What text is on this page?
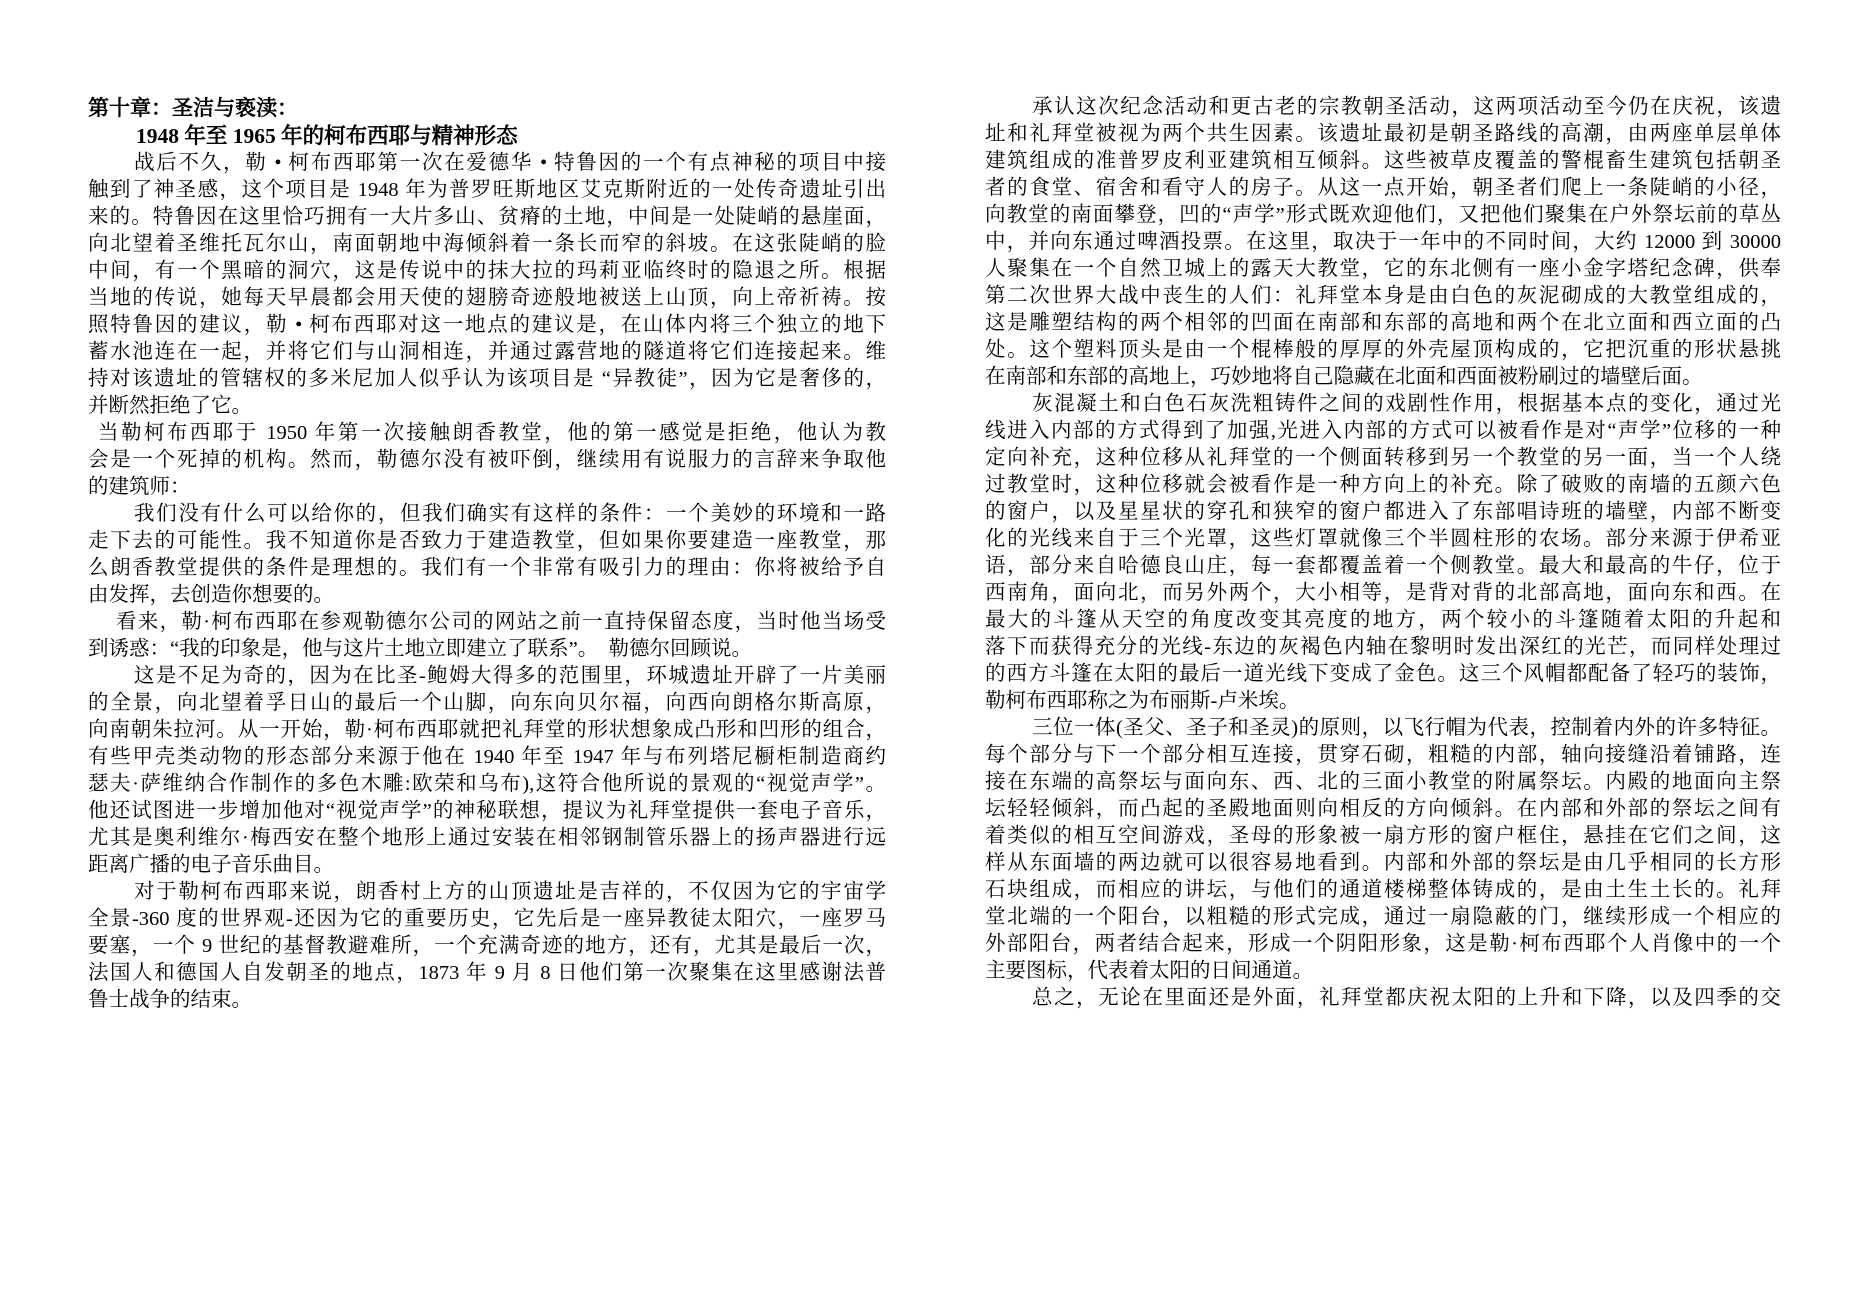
第十章：圣洁与亵渎：
1948 年至 1965 年的柯布西耶与精神形态
战后不久，勒 • 柯布西耶第一次在爱德华 • 特鲁因的一个有点神秘的项目中接
触到了神圣感，这个项目是 1948 年为普罗旺斯地区艾克斯附近的一处传奇遗址引出
来的。特鲁因在这里恰巧拥有一大片多山、贫瘠的土地，中间是一处陡峭的悬崖面，
向北望着圣维托瓦尔山，南面朝地中海倾斜着一条长而窄的斜坡。在这张陡峭的脸
中间，有一个黑暗的洞穴，这是传说中的抹大拉的玛莉亚临终时的隐退之所。根据
当地的传说，她每天早晨都会用天使的翅膀奇迹般地被送上山顶，向上帝祈祷。按
照特鲁因的建议，勒 • 柯布西耶对这一地点的建议是，在山体内将三个独立的地下
蓄水池连在一起，并将它们与山洞相连，并通过露营地的隧道将它们连接起来。维
持对该遗址的管辖权的多米尼加人似乎认为该项目是 “异教徒”，因为它是奢侈的，
并断然拒绝了它。
当勒柯布西耶于 1950 年第一次接触朗香教堂，他的第一感觉是拒绝，他认为教
会是一个死掉的机构。然而，勒德尔没有被吓倒，继续用有说服力的言辞来争取他
的建筑师：
我们没有什么可以给你的，但我们确实有这样的条件：一个美妙的环境和一路
走下去的可能性。我不知道你是否致力于建造教堂，但如果你要建造一座教堂，那
么朗香教堂提供的条件是理想的。我们有一个非常有吸引力的理由：你将被给予自
由发挥，去创造你想要的。
看来，勒·柯布西耶在参观勒德尔公司的网站之前一直持保留态度，当时他当场受
到诱惑：“我的印象是，他与这片土地立即建立了联系”。  勒德尔回顾说。
这是不足为奇的，因为在比圣-鲍姆大得多的范围里，环城遗址开辟了一片美丽
的全景，向北望着孚日山的最后一个山脚，向东向贝尔福，向西向朗格尔斯高原，
向南朝朱拉河。从一开始，勒·柯布西耶就把礼拜堂的形状想象成凸形和凹形的组合，
有些甲壳类动物的形态部分来源于他在 1940 年至 1947 年与布列塔尼橱柜制造商约
瑟夫·萨维纳合作制作的多色木雕:欧荣和乌布),这符合他所说的景观的“视觉声学”。
他还试图进一步增加他对“视觉声学”的神秘联想，提议为礼拜堂提供一套电子音乐，
尤其是奥利维尔·梅西安在整个地形上通过安装在相邻钢制管乐器上的扬声器进行远
距离广播的电子音乐曲目。
对于勒柯布西耶来说，朗香村上方的山顶遗址是吉祥的，不仅因为它的宇宙学
全景-360 度的世界观-还因为它的重要历史，它先后是一座异教徒太阳穴，一座罗马
要塞，一个 9 世纪的基督教避难所，一个充满奇迹的地方，还有，尤其是最后一次，
法国人和德国人自发朝圣的地点，1873 年 9 月 8 日他们第一次聚集在这里感谢法普
鲁士战争的结束。
承认这次纪念活动和更古老的宗教朝圣活动，这两项活动至今仍在庆祝，该遗
址和礼拜堂被视为两个共生因素。该遗址最初是朝圣路线的高潮，由两座单层单体
建筑组成的准普罗皮利亚建筑相互倾斜。这些被草皮覆盖的警棍畜生建筑包括朝圣
者的食堂、宿舍和看守人的房子。从这一点开始，朝圣者们爬上一条陡峭的小径，
向教堂的南面攀登，凹的“声学”形式既欢迎他们，又把他们聚集在户外祭坛前的草丛
中，并向东通过啤酒投票。在这里，取决于一年中的不同时间，大约 12000 到 30000
人聚集在一个自然卫城上的露天大教堂，它的东北侧有一座小金字塔纪念碑，供奉
第二次世界大战中丧生的人们：礼拜堂本身是由白色的灰泥砌成的大教堂组成的，
这是雕塑结构的两个相邻的凹面在南部和东部的高地和两个在北立面和西立面的凸
处。这个塑料顶头是由一个棍棒般的厚厚的外壳屋顶构成的，它把沉重的形状悬挑
在南部和东部的高地上，巧妙地将自己隐藏在北面和西面被粉刷过的墙壁后面。
灰混凝土和白色石灰洗粗铸件之间的戏剧性作用，根据基本点的变化，通过光
线进入内部的方式得到了加强,光进入内部的方式可以被看作是对“声学”位移的一种
定向补充，这种位移从礼拜堂的一个侧面转移到另一个教堂的另一面，当一个人绕
过教堂时，这种位移就会被看作是一种方向上的补充。除了破败的南墙的五颜六色
的窗户，以及星星状的穿孔和狭窄的窗户都进入了东部唱诗班的墙壁，内部不断变
化的光线来自于三个光罩，这些灯罩就像三个半圆柱形的农场。部分来源于伊希亚
语，部分来自哈德良山庄，每一套都覆盖着一个侧教堂。最大和最高的牛仔，位于
西南角，面向北，而另外两个，大小相等，是背对背的北部高地，面向东和西。在
最大的斗篷从天空的角度改变其亮度的地方，两个较小的斗篷随着太阳的升起和
落下而获得充分的光线-东边的灰褐色内轴在黎明时发出深红的光芒，而同样处理过
的西方斗篷在太阳的最后一道光线下变成了金色。这三个风帽都配备了轻巧的装饰，
勒柯布西耶称之为布丽斯-卢米埃。
三位一体(圣父、圣子和圣灵)的原则，以飞行帽为代表，控制着内外的许多特征。
每个部分与下一个部分相互连接，贯穿石砌，粗糙的内部，轴向接缝沿着铺路，连
接在东端的高祭坛与面向东、西、北的三面小教堂的附属祭坛。内殿的地面向主祭
坛轻轻倾斜，而凸起的圣殿地面则向相反的方向倾斜。在内部和外部的祭坛之间有
着类似的相互空间游戏，圣母的形象被一扇方形的窗户框住，悬挂在它们之间，这
样从东面墙的两边就可以很容易地看到。内部和外部的祭坛是由几乎相同的长方形
石块组成，而相应的讲坛，与他们的通道楼梯整体铸成的，是由土生土长的。礼拜
堂北端的一个阳台，以粗糙的形式完成，通过一扇隐蔽的门，继续形成一个相应的
外部阳台，两者结合起来，形成一个阴阳形象，这是勒·柯布西耶个人肖像中的一个
主要图标，代表着太阳的日间通道。
总之，无论在里面还是外面，礼拜堂都庆祝太阳的上升和下降，以及四季的交
